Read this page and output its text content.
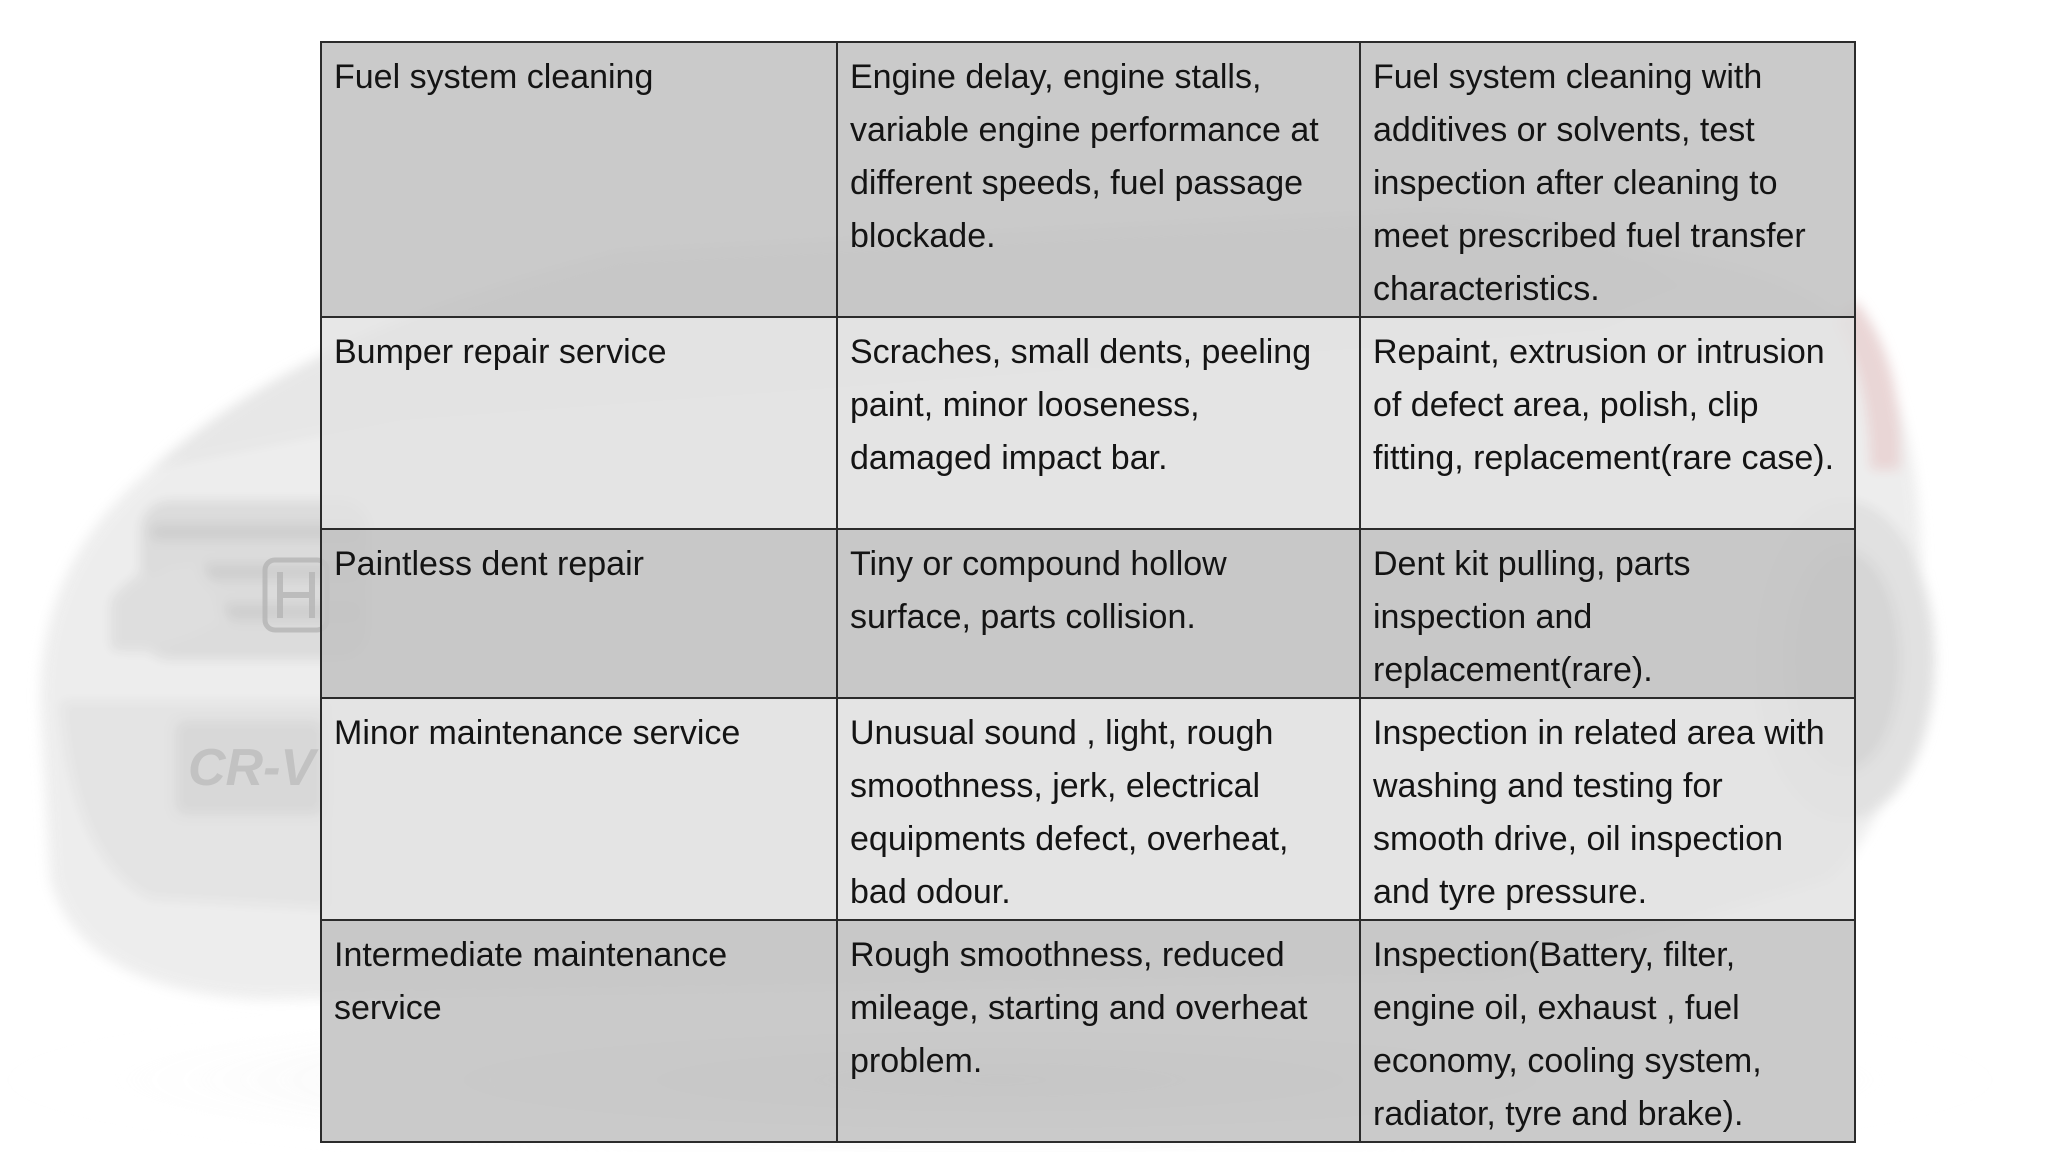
CR-V
Fuel system cleaning	Engine delay, engine stalls, variable engine performance at different speeds, fuel passage blockade.	Fuel system cleaning with additives or solvents, test inspection after cleaning to meet prescribed fuel transfer characteristics.
Bumper repair service	Scraches, small dents, peeling paint, minor looseness, damaged impact bar.	Repaint, extrusion or intrusion of defect area, polish, clip fitting, replacement(rare case).
Paintless dent repair	Tiny or compound hollow surface, parts collision.	Dent kit pulling, parts inspection and replacement(rare).
Minor maintenance service	Unusual sound , light, rough smoothness, jerk, electrical equipments defect, overheat, bad odour.	Inspection in related area with washing and testing for smooth drive, oil inspection and tyre pressure.
Intermediate maintenance service	Rough smoothness, reduced mileage, starting and overheat problem.	Inspection(Battery, filter, engine oil, exhaust , fuel economy, cooling system, radiator, tyre and brake).
